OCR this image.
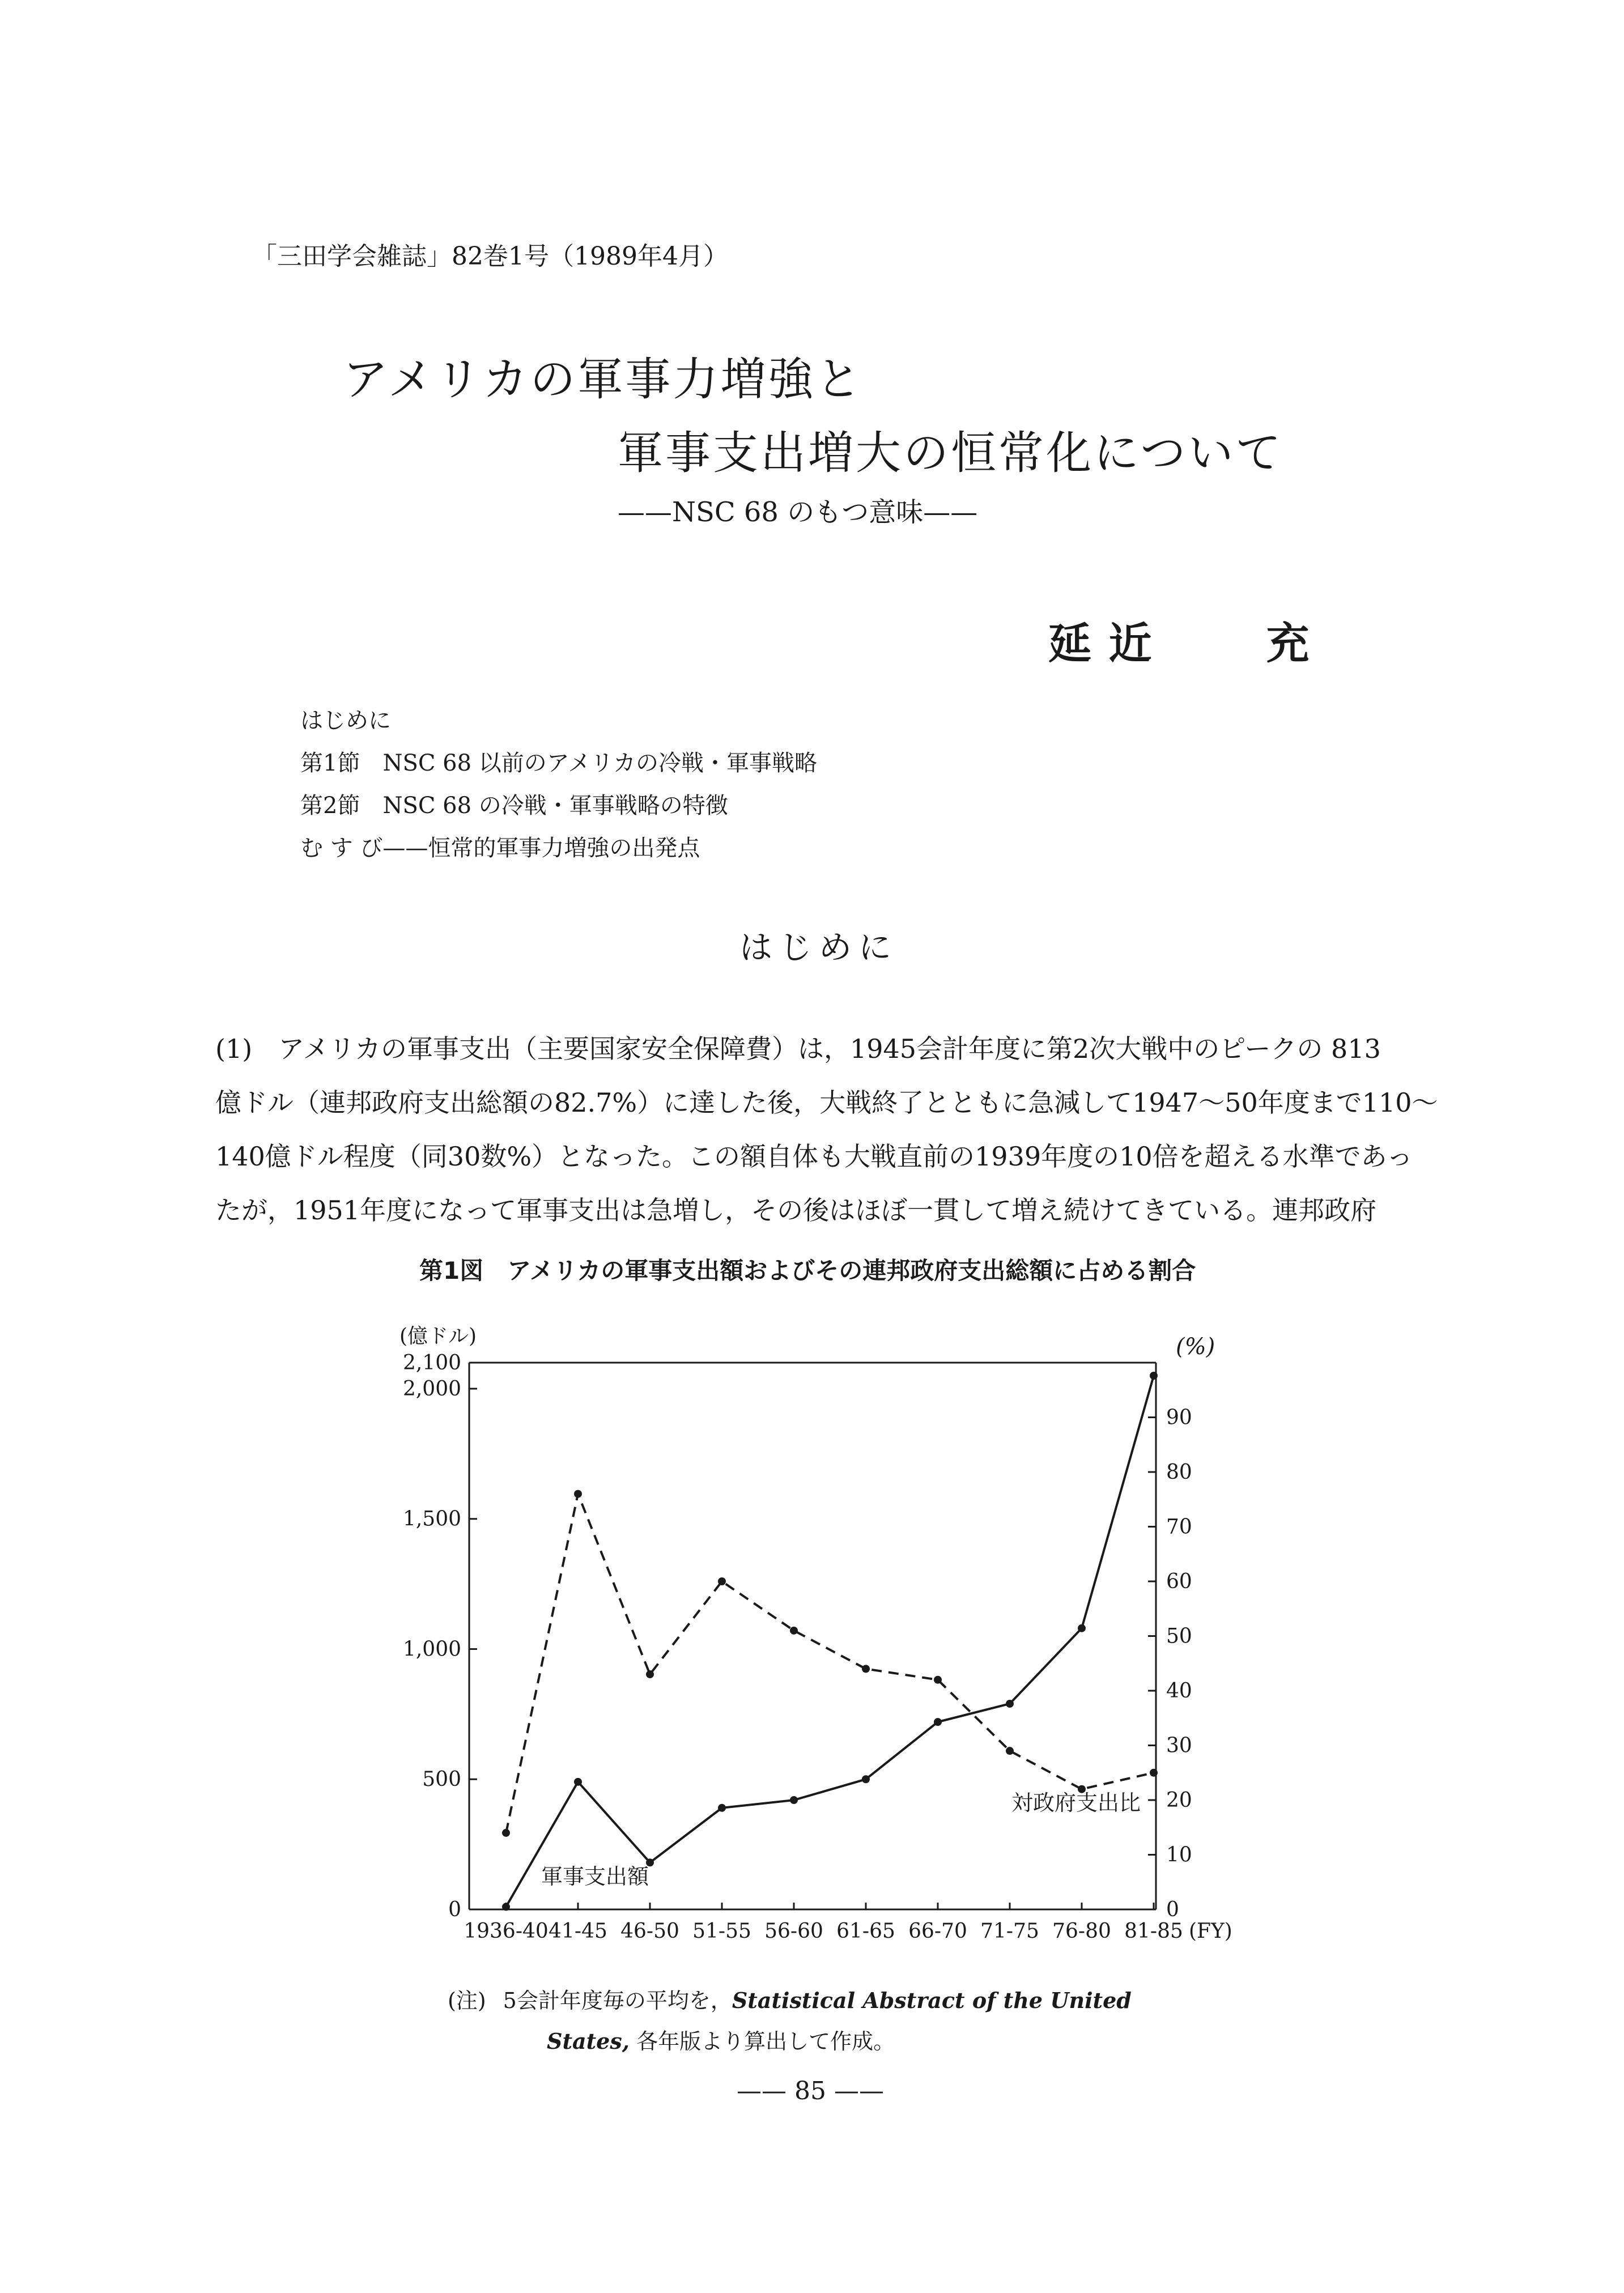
「三田学会雑誌」82巻1号（1989年4月）
アメリカの軍事力増強と
軍事支出増大の恒常化について
——NSC 68 のもつ意味——
延 近	充
はじめに
第1節　NSC 68 以前のアメリカの冷戦・軍事戦略
第2節　NSC 68 の冷戦・軍事戦略の特徴
む す び——恒常的軍事力増強の出発点
はじめに
(1)　アメリカの軍事支出（主要国家安全保障費）は，1945会計年度に第2次大戦中のピークの 813
億ドル（連邦政府支出総額の82.7%）に達した後，大戦終了とともに急減して1947〜50年度まで110〜
140億ドル程度（同30数%）となった。この額自体も大戦直前の1939年度の10倍を超える水準であっ
たが，1951年度になって軍事支出は急増し，その後はほぼ一貫して増え続けてきている。連邦政府
第1図　アメリカの軍事支出額およびその連邦政府支出総額に占める割合
0
500
1,000
1,500
2,000
2,100
(億ドル)
0
10
20
30
40
50
60
70
80
90
(%)
1936-40 41-45 46-50 51-55 56-60 61-65 66-70 71-75 76-80 81-85 (FY)
軍事支出額
対政府支出比
(注) 5会計年度毎の平均を，Statistical Abstract of the United
States, 各年版より算出して作成。
—— 85 ——
